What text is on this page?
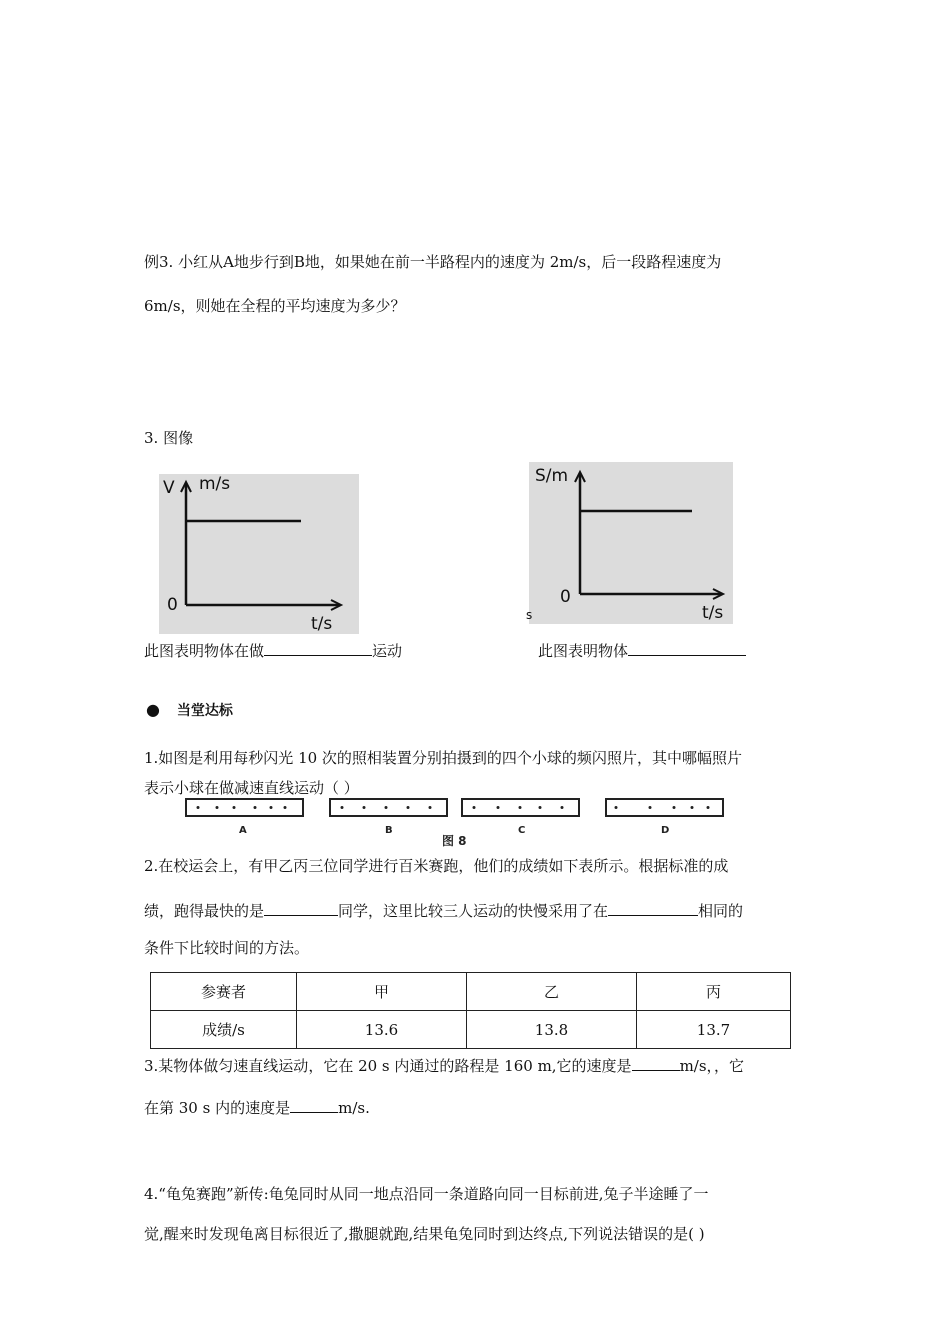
例3. 小红从A地步行到B地，如果她在前一半路程内的速度为 2m/s，后一段路程速度为
6m/s，则她在全程的平均速度为多少？
3. 图像
V m/s
0
t/s
S/m
0
t/s
s
此图表明物体在做	运动	此图表明物体
● 当堂达标
1.如图是利用每秒闪光 10 次的照相装置分别拍摄到的四个小球的频闪照片，其中哪幅照片
表示小球在做减速直线运动（ ）
A	B	C	D
图 8
2.在校运会上，有甲乙丙三位同学进行百米赛跑，他们的成绩如下表所示。根据标准的成
绩，跑得最快的是	同学，这里比较三人运动的快慢采用了在	相同的
条件下比较时间的方法。
参赛者	甲	乙	丙
成绩/s	13.6	13.8	13.7
3.某物体做匀速直线运动，它在 20 s 内通过的路程是 160 m,它的速度是	m/s，，它
在第 30 s 内的速度是	m/s.
4.“龟兔赛跑”新传:龟兔同时从同一地点沿同一条道路向同一目标前进,兔子半途睡了一
觉,醒来时发现龟离目标很近了,撒腿就跑,结果龟兔同时到达终点,下列说法错误的是( )
